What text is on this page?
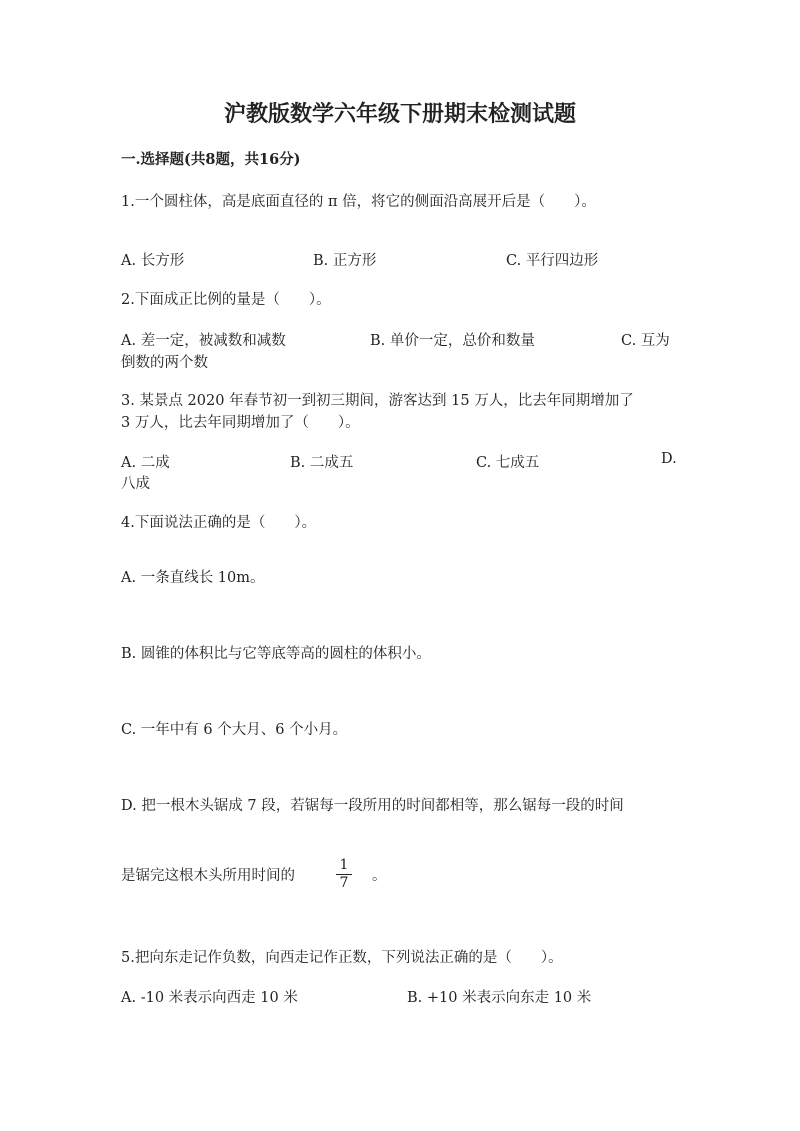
沪教版数学六年级下册期末检测试题
一.选择题(共8题，共16分)
1.一个圆柱体，高是底面直径的 π 倍，将它的侧面沿高展开后是（　　）。
A. 长方形	B. 正方形	C. 平行四边形
2.下面成正比例的量是（　　）。
A. 差一定，被减数和减数	B. 单价一定，总价和数量	C. 互为
倒数的两个数
3. 某景点 2020 年春节初一到初三期间，游客达到 15 万人，比去年同期增加了
3 万人，比去年同期增加了（　　）。
A. 二成	B. 二成五	C. 七成五	D.
八成
4.下面说法正确的是（　　）。
A. 一条直线长 10m。
B. 圆锥的体积比与它等底等高的圆柱的体积小。
C. 一年中有 6 个大月、6 个小月。
D. 把一根木头锯成 7 段，若锯每一段所用的时间都相等，那么锯每一段的时间
是锯完这根木头所用时间的
1
7 。
5.把向东走记作负数，向西走记作正数，下列说法正确的是（　　）。
A. -10 米表示向西走 10 米	B. +10 米表示向东走 10 米
